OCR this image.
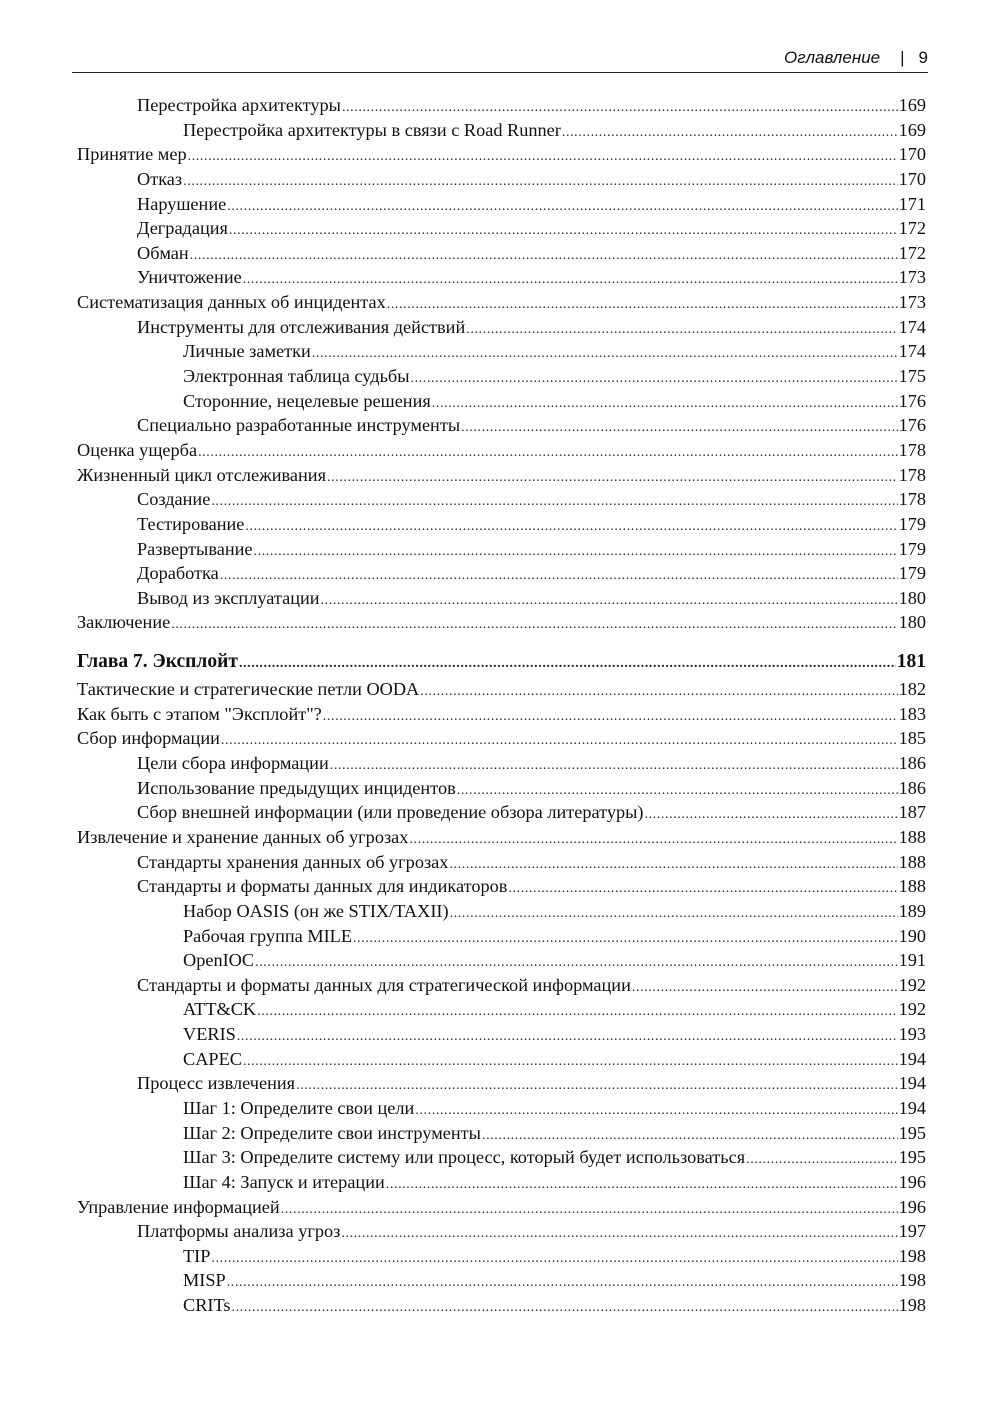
Оглавление | 9
Перестройка архитектуры .....	169
Перестройка архитектуры в связи с Road Runner .....	169
Принятие мер .....	170
Отказ .....	170
Нарушение .....	171
Деградация .....	172
Обман .....	172
Уничтожение .....	173
Систематизация данных об инцидентах .....	173
Инструменты для отслеживания действий .....	174
Личные заметки .....	174
Электронная таблица судьбы .....	175
Сторонние, нецелевые решения .....	176
Специально разработанные инструменты .....	176
Оценка ущерба .....	178
Жизненный цикл отслеживания .....	178
Создание .....	178
Тестирование .....	179
Развертывание .....	179
Доработка .....	179
Вывод из эксплуатации .....	180
Заключение .....	180
Глава 7. Эксплойт .....	181
Тактические и стратегические петли OODA .....	182
Как быть с этапом "Эксплойт"? .....	183
Сбор информации .....	185
Цели сбора информации .....	186
Использование предыдущих инцидентов .....	186
Сбор внешней информации (или проведение обзора литературы) .....	187
Извлечение и хранение данных об угрозах .....	188
Стандарты хранения данных об угрозах .....	188
Стандарты и форматы данных для индикаторов .....	188
Набор OASIS (он же STIX/TAXII) .....	189
Рабочая группа MILE .....	190
OpenIOC .....	191
Стандарты и форматы данных для стратегической информации .....	192
ATT&CK .....	192
VERIS .....	193
CAPEC .....	194
Процесс извлечения .....	194
Шаг 1: Определите свои цели .....	194
Шаг 2: Определите свои инструменты .....	195
Шаг 3: Определите систему или процесс, который будет использоваться .....	195
Шаг 4: Запуск и итерации .....	196
Управление информацией .....	196
Платформы анализа угроз .....	197
TIP .....	198
MISP .....	198
CRITs .....	198
